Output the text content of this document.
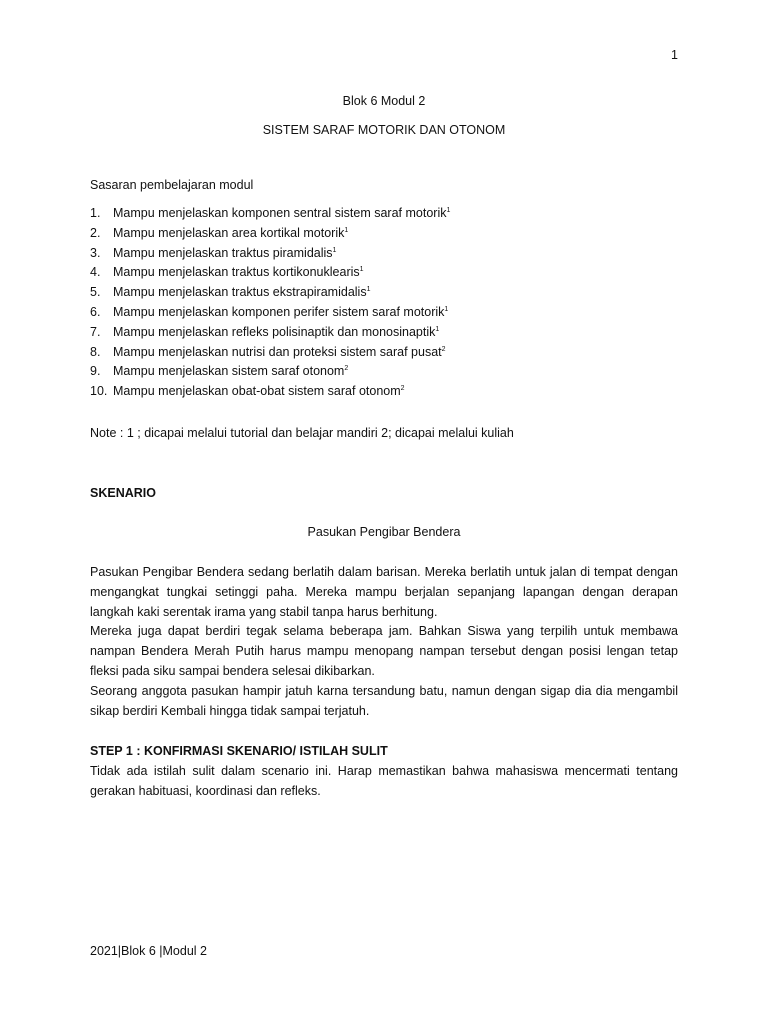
1
Blok 6 Modul 2
SISTEM SARAF MOTORIK DAN OTONOM
Sasaran pembelajaran modul
1.	Mampu menjelaskan komponen sentral sistem saraf motorik$^1$
2.	Mampu menjelaskan area kortikal motorik$^1$
3.	Mampu menjelaskan traktus piramidalis$^1$
4.	Mampu menjelaskan traktus kortikonuklearis$^1$
5.	Mampu menjelaskan traktus ekstrapiramidalis$^1$
6.	Mampu menjelaskan komponen perifer sistem saraf motorik$^1$
7.	Mampu menjelaskan refleks polisinaptik dan monosinaptik$^1$
8.	Mampu menjelaskan nutrisi dan proteksi sistem saraf pusat$^2$
9.	Mampu menjelaskan sistem saraf otonom$^2$
10. Mampu menjelaskan obat-obat sistem saraf otonom$^2$
Note : 1 ; dicapai melalui tutorial dan belajar mandiri 2; dicapai melalui kuliah
SKENARIO
Pasukan Pengibar Bendera

Pasukan Pengibar Bendera sedang berlatih dalam barisan. Mereka berlatih untuk jalan di tempat dengan mengangkat tungkai setinggi paha. Mereka mampu berjalan sepanjang lapangan dengan derapan langkah kaki serentak irama yang stabil tanpa harus berhitung.

Mereka juga dapat berdiri tegak selama beberapa jam. Bahkan Siswa yang terpilih untuk membawa nampan Bendera Merah Putih harus mampu menopang nampan tersebut dengan posisi lengan tetap fleksi pada siku sampai bendera selesai dikibarkan.

Seorang anggota pasukan hampir jatuh karna tersandung batu, namun dengan sigap dia dia mengambil sikap berdiri Kembali hingga tidak sampai terjatuh.

STEP 1 : KONFIRMASI SKENARIO/ ISTILAH SULIT

Tidak ada istilah sulit dalam scenario ini. Harap memastikan bahwa mahasiswa mencermati tentang gerakan habituasi, koordinasi dan refleks.

2021|Blok 6 |Modul 2
